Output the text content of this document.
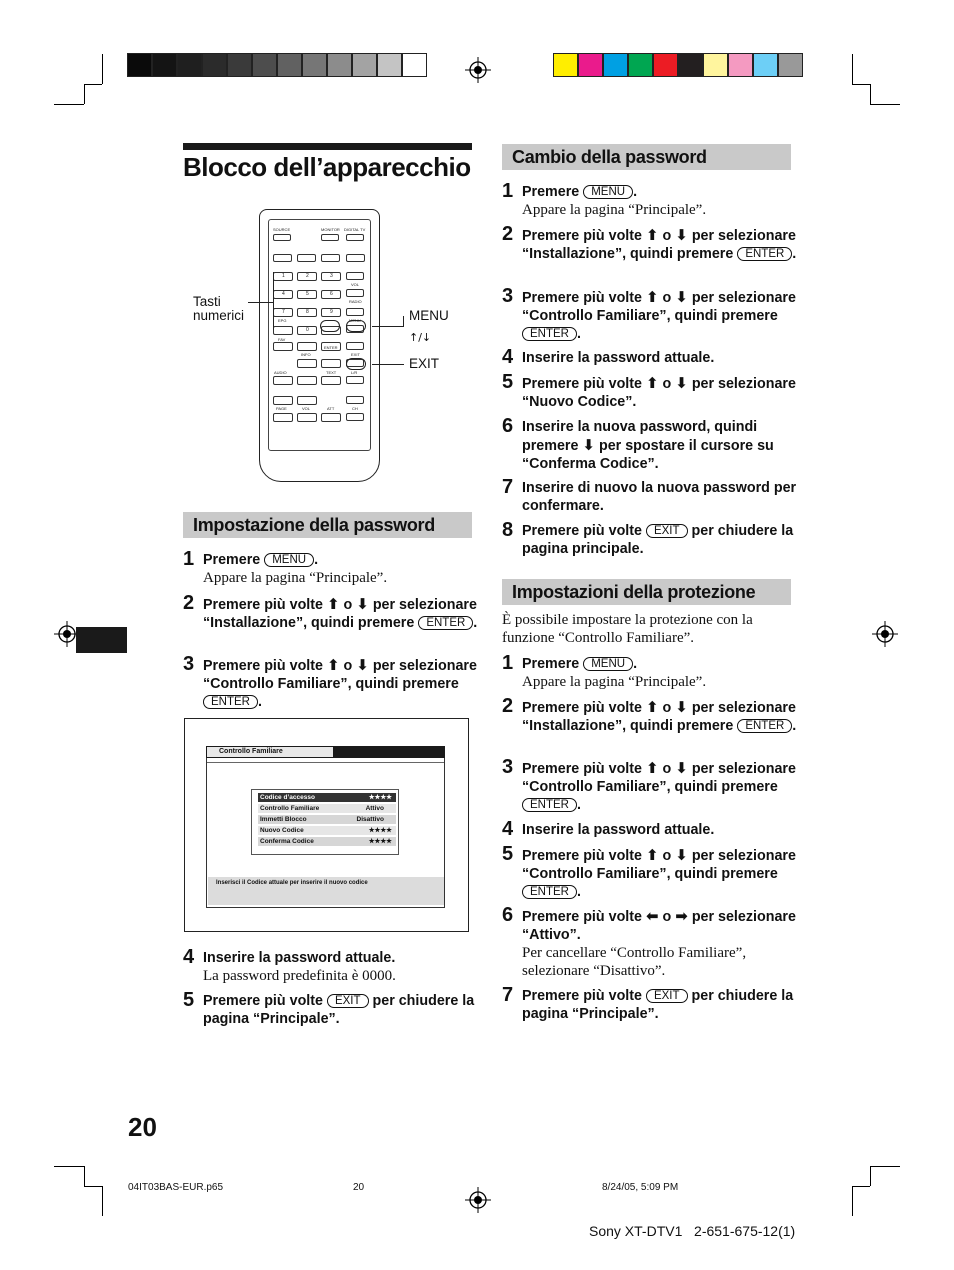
Blocco dell’apparecchio
SOURCE	MONITOR DIGITAL TV
1	2	3
4	5	6
7	8	9
0
VOL
RADIO
EPG	MENU
FAV
ENTER
EXIT
INFO
AUDIO	TEXT	L/R
PAGE	VOL	ATT	CH
Tasti
numerici	MENU
↑/↓
EXIT
Impostazione della password
1 Premere MENU .
Appare la pagina “Principale”.
2 Premere più volte ⬆ o ⬇ per selezionare “Installazione”, quindi premere ENTER .
3 Premere più volte ⬆ o ⬇ per selezionare “Controllo Familiare”, quindi premere ENTER .
4 Inserire la password attuale.
La password predefinita è 0000.
5 Premere più volte EXIT per chiudere la pagina “Principale”.
Controllo Familiare
Codice d’accesso	★★★★
Controllo Familiare	Attivo
Immetti Blocco	Disattivo
Nuovo Codice	★★★★
Conferma Codice	★★★★
Inserisci il Codice attuale per inserire il nuovo codice
Cambio della password
1 Premere MENU .
Appare la pagina “Principale”.
2 Premere più volte ⬆ o ⬇ per selezionare “Installazione”, quindi premere ENTER .
3 Premere più volte ⬆ o ⬇ per selezionare “Controllo Familiare”, quindi premere ENTER .
4 Inserire la password attuale.
5 Premere più volte ⬆ o ⬇ per selezionare “Nuovo Codice”.
6 Inserire la nuova password, quindi premere ⬇ per spostare il cursore su “Conferma Codice”.
7 Inserire di nuovo la nuova password per confermare.
8 Premere più volte EXIT per chiudere la pagina principale.
Impostazioni della protezione
È possibile impostare la protezione con la funzione “Controllo Familiare”.
1 Premere MENU .
Appare la pagina “Principale”.
2 Premere più volte ⬆ o ⬇ per selezionare “Installazione”, quindi premere ENTER .
3 Premere più volte ⬆ o ⬇ per selezionare “Controllo Familiare”, quindi premere ENTER .
4 Inserire la password attuale.
5 Premere più volte ⬆ o ⬇ per selezionare “Controllo Familiare”, quindi premere ENTER .
6 Premere più volte ⬅ o ➡ per selezionare “Attivo”.
Per cancellare “Controllo Familiare”, selezionare “Disattivo”.
7 Premere più volte EXIT per chiudere la pagina “Principale”.
20
04IT03BAS-EUR.p65	20	8/24/05, 5:09 PM
Sony XT-DTV1   2-651-675-12(1)
